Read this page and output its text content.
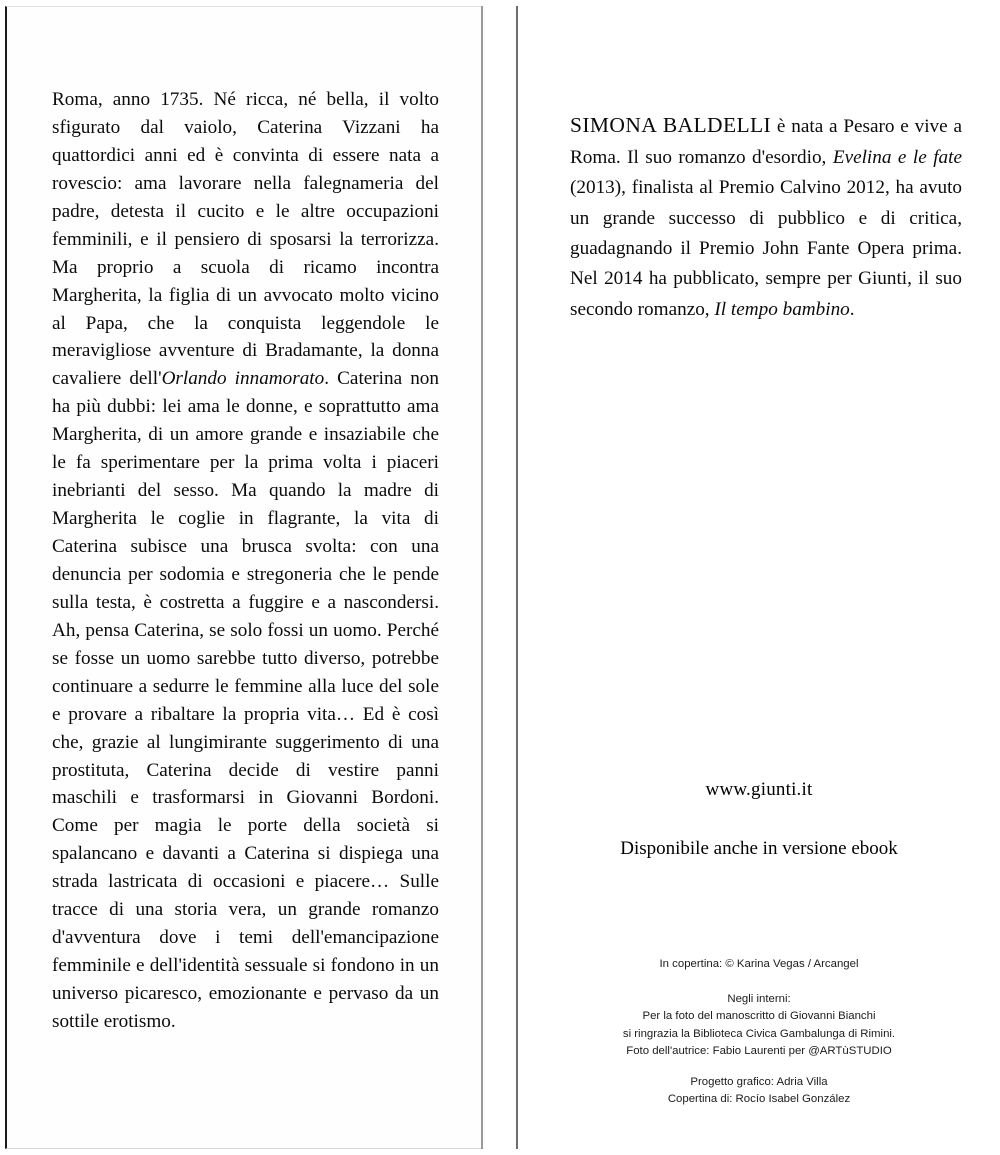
Roma, anno 1735. Né ricca, né bella, il volto sfigurato dal vaiolo, Caterina Vizzani ha quattordici anni ed è convinta di essere nata a rovescio: ama lavorare nella falegnameria del padre, detesta il cucito e le altre occupazioni femminili, e il pensiero di sposarsi la terrorizza. Ma proprio a scuola di ricamo incontra Margherita, la figlia di un avvocato molto vicino al Papa, che la conquista leggendole le meravigliose avventure di Bradamante, la donna cavaliere dell'Orlando innamorato. Caterina non ha più dubbi: lei ama le donne, e soprattutto ama Margherita, di un amore grande e insaziabile che le fa sperimentare per la prima volta i piaceri inebrianti del sesso. Ma quando la madre di Margherita le coglie in flagrante, la vita di Caterina subisce una brusca svolta: con una denuncia per sodomia e stregoneria che le pende sulla testa, è costretta a fuggire e a nascondersi. Ah, pensa Caterina, se solo fossi un uomo. Perché se fosse un uomo sarebbe tutto diverso, potrebbe continuare a sedurre le femmine alla luce del sole e provare a ribaltare la propria vita… Ed è così che, grazie al lungimirante suggerimento di una prostituta, Caterina decide di vestire panni maschili e trasformarsi in Giovanni Bordoni. Come per magia le porte della società si spalancano e davanti a Caterina si dispiega una strada lastricata di occasioni e piacere… Sulle tracce di una storia vera, un grande romanzo d'avventura dove i temi dell'emancipazione femminile e dell'identità sessuale si fondono in un universo picaresco, emozionante e pervaso da un sottile erotismo.
SIMONA BALDELLI è nata a Pesaro e vive a Roma. Il suo romanzo d'esordio, Evelina e le fate (2013), finalista al Premio Calvino 2012, ha avuto un grande successo di pubblico e di critica, guadagnando il Premio John Fante Opera prima. Nel 2014 ha pubblicato, sempre per Giunti, il suo secondo romanzo, Il tempo bambino.
www.giunti.it
Disponibile anche in versione ebook

In copertina: © Karina Vegas / Arcangel

Negli interni:

Per la foto del manoscritto di Giovanni Bianchi

si ringrazia la Biblioteca Civica Gambalunga di Rimini.

Foto dell'autrice: Fabio Laurenti per @ARTùSTUDIO

Progetto grafico: Adria Villa

Copertina di: Rocío Isabel González
